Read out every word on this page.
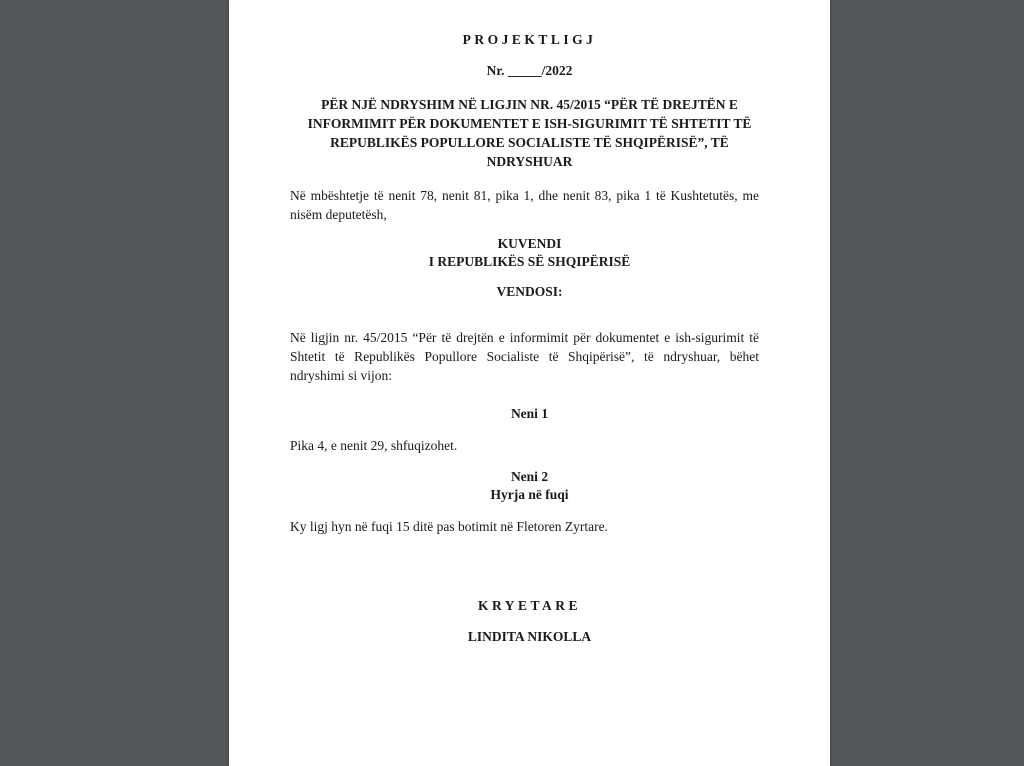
PROJEKTLIGJ
Nr. _____/2022
PËR NJË NDRYSHIM NË LIGJIN NR. 45/2015 “PËR TË DREJTËN E
INFORMIMIT PËR DOKUMENTET E ISH-SIGURIMIT TË SHTETIT TË
REPUBLIKËS POPULLORE SOCIALISTE TË SHQIPËRISË”, TË
NDRYSHUAR
Në mbështetje të nenit 78, nenit 81, pika 1, dhe nenit 83, pika 1 të Kushtetutës, me
nisëm deputetësh,
KUVENDI
I REPUBLIKËS SË SHQIPËRISË
VENDOSI:
Në ligjin nr. 45/2015 “Për të drejtën e informimit për dokumentet e ish-sigurimit të
Shtetit të Republikës Popullore Socialiste të Shqipërisë”, të ndryshuar, bëhet
ndryshimi si vijon:
Neni 1
Pika 4, e nenit 29, shfuqizohet.
Neni 2
Hyrja në fuqi
Ky ligj hyn në fuqi 15 ditë pas botimit në Fletoren Zyrtare.
KRYETARE
LINDITA NIKOLLA
